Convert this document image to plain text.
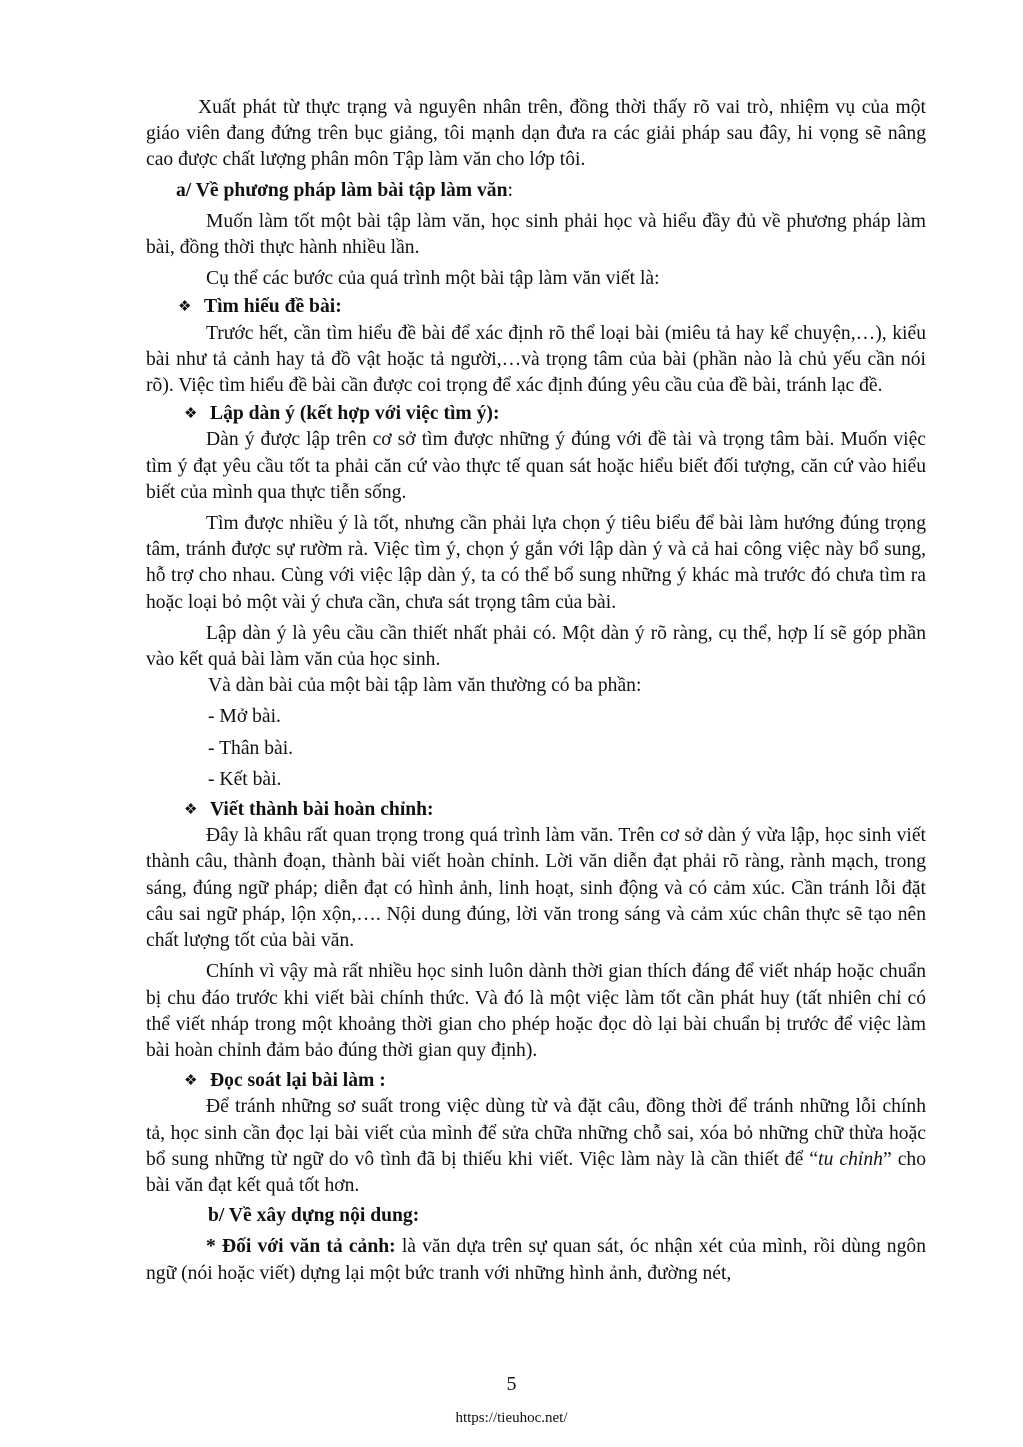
Xuất phát từ thực trạng và nguyên nhân trên, đồng thời thấy rõ vai trò, nhiệm vụ của một giáo viên đang đứng trên bục giảng, tôi mạnh dạn đưa ra các giải pháp sau đây, hi vọng sẽ nâng cao được chất lượng phân môn Tập làm văn cho lớp tôi.

a/ Về phương pháp làm bài tập làm văn:

Muốn làm tốt một bài tập làm văn, học sinh phải học và hiểu đầy đủ về phương pháp làm bài, đồng thời thực hành nhiều lần.

Cụ thể các bước của quá trình một bài tập làm văn viết là:

❖ Tìm hiểu đề bài:

Trước hết, cần tìm hiểu đề bài để xác định rõ thể loại bài (miêu tả hay kể chuyện,…), kiểu bài như tả cảnh hay tả đồ vật hoặc tả người,…và trọng tâm của bài (phần nào là chủ yếu cần nói rõ). Việc tìm hiểu đề bài cần được coi trọng để xác định đúng yêu cầu của đề bài, tránh lạc đề.

❖ Lập dàn ý (kết hợp với việc tìm ý):

Dàn ý được lập trên cơ sở tìm được những ý đúng với đề tài và trọng tâm bài. Muốn việc tìm ý đạt yêu cầu tốt ta phải căn cứ vào thực tế quan sát hoặc hiểu biết đối tượng, căn cứ vào hiểu biết của mình qua thực tiễn sống.

Tìm được nhiều ý là tốt, nhưng cần phải lựa chọn ý tiêu biểu để bài làm hướng đúng trọng tâm, tránh được sự rườm rà. Việc tìm ý, chọn ý gắn với lập dàn ý và cả hai công việc này bổ sung, hỗ trợ cho nhau. Cùng với việc lập dàn ý, ta có thể bổ sung những ý khác mà trước đó chưa tìm ra hoặc loại bỏ một vài ý chưa cần, chưa sát trọng tâm của bài.

Lập dàn ý là yêu cầu cần thiết nhất phải có. Một dàn ý rõ ràng, cụ thể, hợp lí sẽ góp phần vào kết quả bài làm văn của học sinh.

Và dàn bài của một bài tập làm văn thường có ba phần:

- Mở bài.

- Thân bài.

- Kết bài.

❖ Viết thành bài hoàn chỉnh:

Đây là khâu rất quan trọng trong quá trình làm văn. Trên cơ sở dàn ý vừa lập, học sinh viết thành câu, thành đoạn, thành bài viết hoàn chỉnh. Lời văn diễn đạt phải rõ ràng, rành mạch, trong sáng, đúng ngữ pháp; diễn đạt có hình ảnh, linh hoạt, sinh động và có cảm xúc. Cần tránh lỗi đặt câu sai ngữ pháp, lộn xộn,…. Nội dung đúng, lời văn trong sáng và cảm xúc chân thực sẽ tạo nên chất lượng tốt của bài văn.

Chính vì vậy mà rất nhiều học sinh luôn dành thời gian thích đáng để viết nháp hoặc chuẩn bị chu đáo trước khi viết bài chính thức. Và đó là một việc làm tốt cần phát huy (tất nhiên chỉ có thể viết nháp trong một khoảng thời gian cho phép hoặc đọc dò lại bài chuẩn bị trước để việc làm bài hoàn chỉnh đảm bảo đúng thời gian quy định).

❖ Đọc soát lại bài làm :

Để tránh những sơ suất trong việc dùng từ và đặt câu, đồng thời để tránh những lỗi chính tả, học sinh cần đọc lại bài viết của mình để sửa chữa những chỗ sai, xóa bỏ những chữ thừa hoặc bổ sung những từ ngữ do vô tình đã bị thiếu khi viết. Việc làm này là cần thiết để “tu chỉnh” cho bài văn đạt kết quả tốt hơn.

b/ Về xây dựng nội dung:

* Đối với văn tả cảnh: là văn dựa trên sự quan sát, óc nhận xét của mình, rồi dùng ngôn ngữ (nói hoặc viết) dựng lại một bức tranh với những hình ảnh, đường nét,

5
https://tieuhoc.net/
